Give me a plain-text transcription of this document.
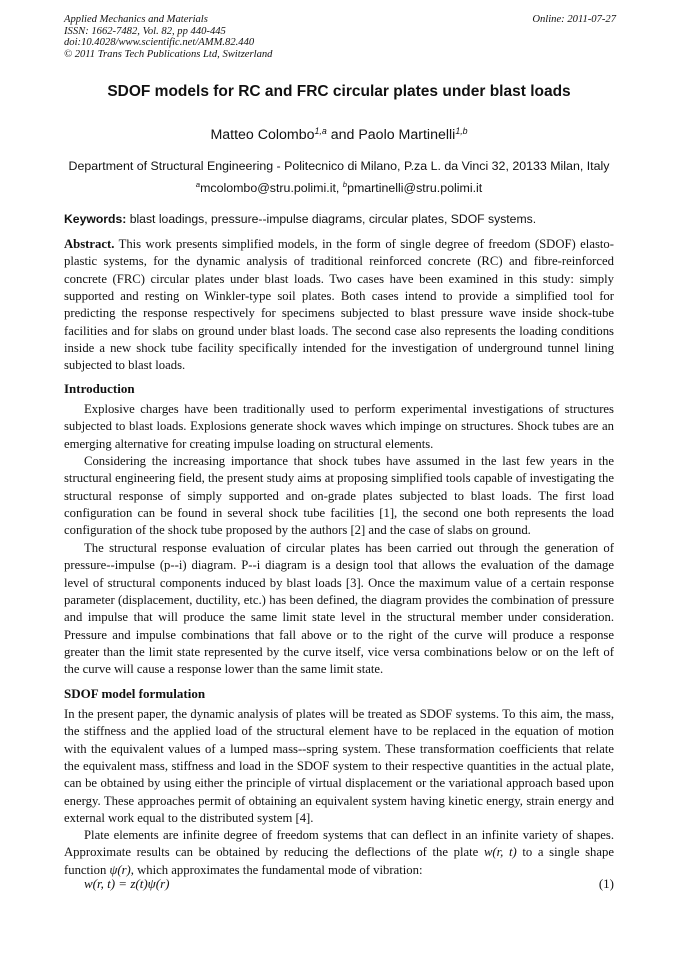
Applied Mechanics and Materials
ISSN: 1662-7482, Vol. 82, pp 440-445
doi:10.4028/www.scientific.net/AMM.82.440
© 2011 Trans Tech Publications Ltd, Switzerland
Online: 2011-07-27
SDOF models for RC and FRC circular plates under blast loads
Matteo Colombo$^{1,a}$ and Paolo Martinelli$^{1,b}$
Department of Structural Engineering - Politecnico di Milano, P.za L. da Vinci 32, 20133 Milan, Italy
$^a$mcolombo@stru.polimi.it, $^b$pmartinelli@stru.polimi.it
Keywords: blast loadings, pressure--impulse diagrams, circular plates, SDOF systems.

Abstract. This work presents simplified models, in the form of single degree of freedom (SDOF) elasto-plastic systems, for the dynamic analysis of traditional reinforced concrete (RC) and fibre-reinforced concrete (FRC) circular plates under blast loads. Two cases have been examined in this study: simply supported and resting on Winkler-type soil plates. Both cases intend to provide a simplified tool for predicting the response respectively for specimens subjected to blast pressure wave inside shock-tube facilities and for slabs on ground under blast loads. The second case also represents the loading conditions inside a new shock tube facility specifically intended for the investigation of underground tunnel lining subjected to blast loads.

Introduction

Explosive charges have been traditionally used to perform experimental investigations of structures subjected to blast loads. Explosions generate shock waves which impinge on structures. Shock tubes are an emerging alternative for creating impulse loading on structural elements.

Considering the increasing importance that shock tubes have assumed in the last few years in the structural engineering field, the present study aims at proposing simplified tools capable of investigating the structural response of simply supported and on-grade plates subjected to blast loads. The first load configuration can be found in several shock tube facilities [1], the second one both represents the load configuration of the shock tube proposed by the authors [2] and the case of slabs on ground.

The structural response evaluation of circular plates has been carried out through the generation of pressure--impulse (p--i) diagram. P--i diagram is a design tool that allows the evaluation of the damage level of structural components induced by blast loads [3]. Once the maximum value of a certain response parameter (displacement, ductility, etc.) has been defined, the diagram provides the combination of pressure and impulse that will produce the same limit state level in the structural member under consideration. Pressure and impulse combinations that fall above or to the right of the curve will produce a response greater than the limit state represented by the curve itself, vice versa combinations below or on the left of the curve will cause a response lower than the same limit state.

SDOF model formulation

In the present paper, the dynamic analysis of plates will be treated as SDOF systems. To this aim, the mass, the stiffness and the applied load of the structural element have to be replaced in the equation of motion with the equivalent values of a lumped mass--spring system. These transformation coefficients that relate the equivalent mass, stiffness and load in the SDOF system to their respective quantities in the actual plate, can be obtained by using either the principle of virtual displacement or the variational approach based upon energy. These approaches permit of obtaining an equivalent system having kinetic energy, strain energy and external work equal to the distributed system [4].

Plate elements are infinite degree of freedom systems that can deflect in an infinite variety of shapes. Approximate results can be obtained by reducing the deflections of the plate w(r, t) to a single shape function ψ(r), which approximates the fundamental mode of vibration:

w(r, t) = z(t)ψ(r)	(1)
